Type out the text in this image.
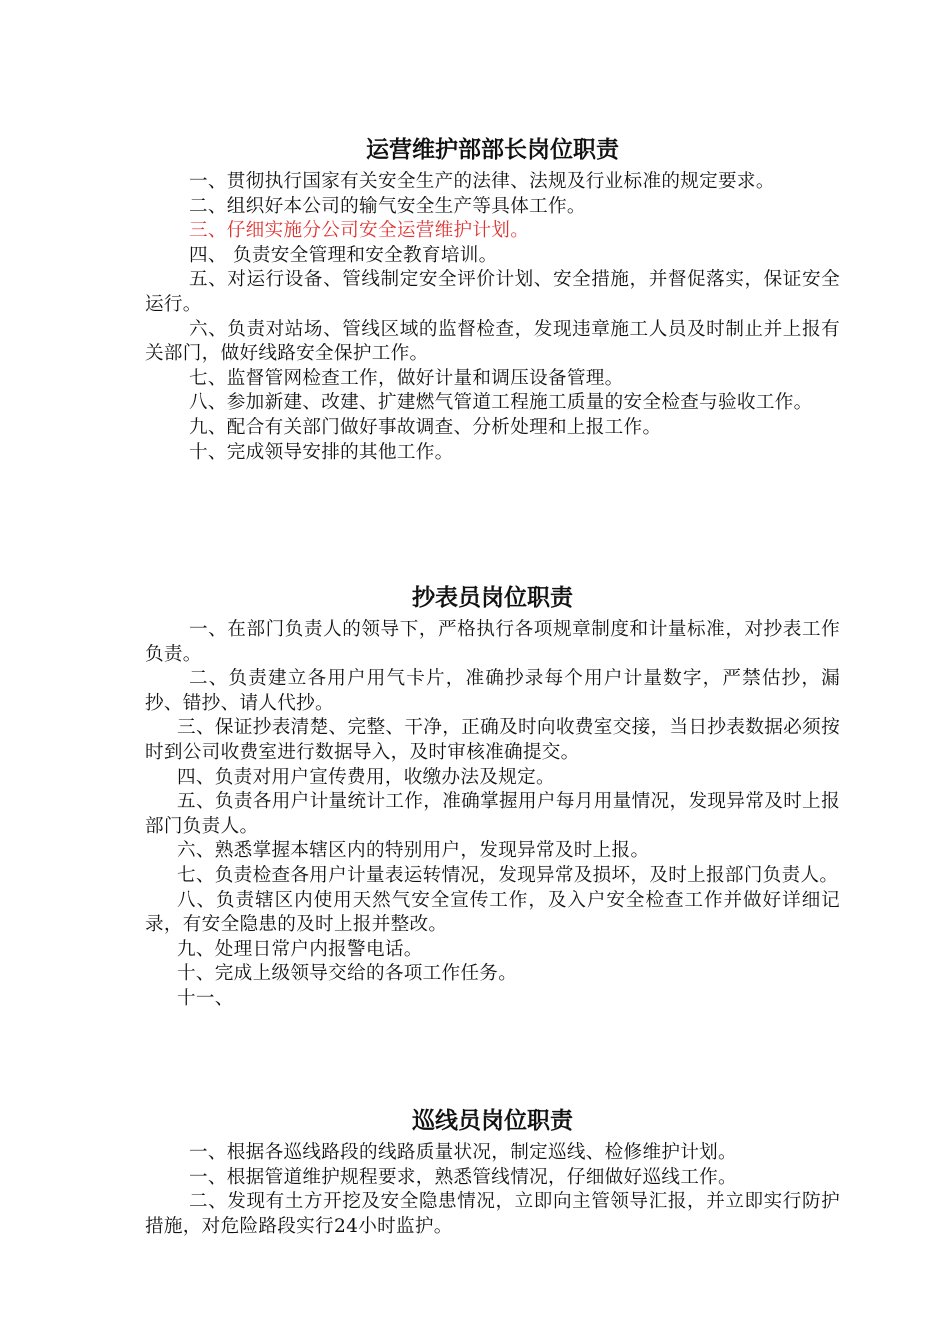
运营维护部部长岗位职责

一、贯彻执行国家有关安全生产的法律、法规及行业标准的规定要求。

二、组织好本公司的输气安全生产等具体工作。

三、仔细实施分公司安全运营维护计划。

四、 负责安全管理和安全教育培训。

五、对运行设备、管线制定安全评价计划、安全措施，并督促落实，保证安全运行。

六、负责对站场、管线区域的监督检查，发现违章施工人员及时制止并上报有关部门，做好线路安全保护工作。

七、监督管网检查工作，做好计量和调压设备管理。

八、参加新建、改建、扩建燃气管道工程施工质量的安全检查与验收工作。

九、配合有关部门做好事故调查、分析处理和上报工作。

十、完成领导安排的其他工作。

抄表员岗位职责

一、在部门负责人的领导下，严格执行各项规章制度和计量标准，对抄表工作负责。

二、负责建立各用户用气卡片，准确抄录每个用户计量数字，严禁估抄，漏抄、错抄、请人代抄。

三、保证抄表清楚、完整、干净，正确及时向收费室交接，当日抄表数据必须按时到公司收费室进行数据导入，及时审核准确提交。

四、负责对用户宣传费用，收缴办法及规定。

五、负责各用户计量统计工作，准确掌握用户每月用量情况，发现异常及时上报部门负责人。

六、熟悉掌握本辖区内的特别用户，发现异常及时上报。

七、负责检查各用户计量表运转情况，发现异常及损坏，及时上报部门负责人。

八、负责辖区内使用天然气安全宣传工作，及入户安全检查工作并做好详细记录，有安全隐患的及时上报并整改。

九、处理日常户内报警电话。

十、完成上级领导交给的各项工作任务。

十一、

巡线员岗位职责

一、根据各巡线路段的线路质量状况，制定巡线、检修维护计划。

一、根据管道维护规程要求，熟悉管线情况，仔细做好巡线工作。

二、发现有土方开挖及安全隐患情况，立即向主管领导汇报，并立即实行防护措施，对危险路段实行24小时监护。
